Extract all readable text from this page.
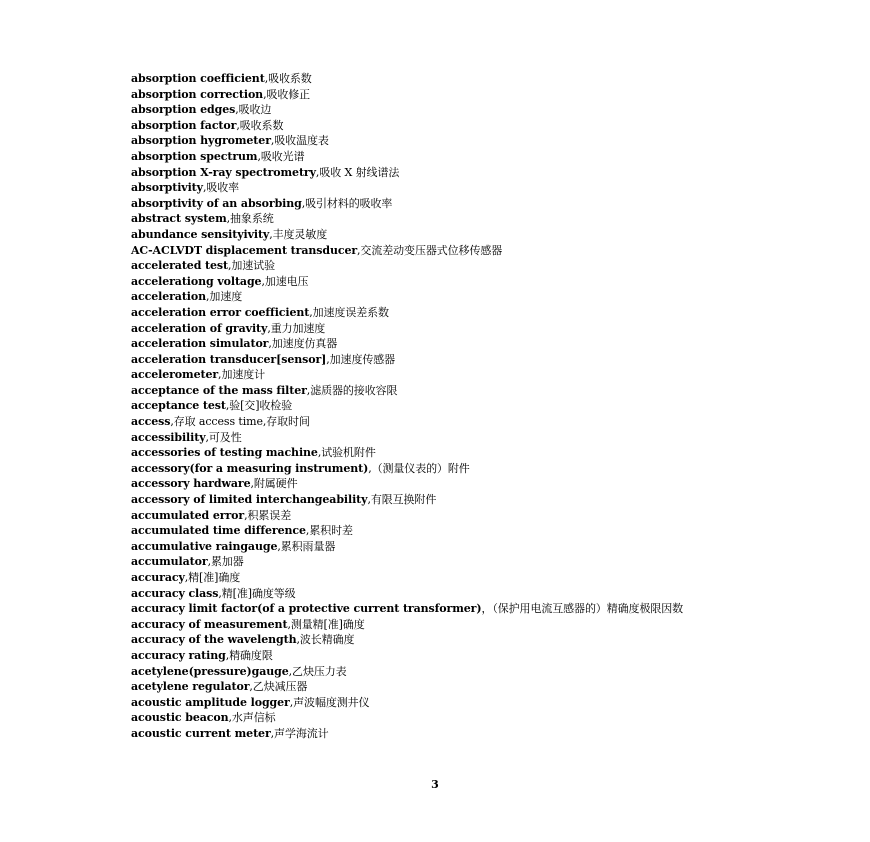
absorption coefficient,吸收系数
absorption correction,吸收修正
absorption edges,吸收边
absorption factor,吸收系数
absorption hygrometer,吸收温度表
absorption spectrum,吸收光谱
absorption X-ray spectrometry,吸收 X 射线谱法
absorptivity,吸收率
absorptivity of an absorbing,吸引材料的吸收率
abstract system,抽象系统
abundance sensityivity,丰度灵敏度
AC-ACLVDT displacement transducer,交流差动变压器式位移传感器
accelerated test,加速试验
accelerationg voltage,加速电压
acceleration,加速度
acceleration error coefficient,加速度误差系数
acceleration of gravity,重力加速度
acceleration simulator,加速度仿真器
acceleration transducer[sensor],加速度传感器
accelerometer,加速度计
acceptance of the mass filter,滤质器的接收容限
acceptance test,验[交]收检验
access,存取 access time,存取时间
accessibility,可及性
accessories of testing machine,试验机附件
accessory(for a measuring instrument),（测量仪表的）附件
accessory hardware,附属硬件
accessory of limited interchangeability,有限互换附件
accumulated error,积累误差
accumulated time difference,累积时差
accumulative raingauge,累积雨量器
accumulator,累加器
accuracy,精[准]确度
accuracy class,精[准]确度等级
accuracy limit factor(of a protective current transformer)，（保护用电流互感器的）精确度极限因数
accuracy of measurement,测量精[准]确度
accuracy of the wavelength,波长精确度
accuracy rating,精确度限
acetylene(pressure)gauge,乙炔压力表
acetylene regulator,乙炔减压器
acoustic amplitude logger,声波幅度测井仪
acoustic beacon,水声信标
acoustic current meter,声学海流计
3
